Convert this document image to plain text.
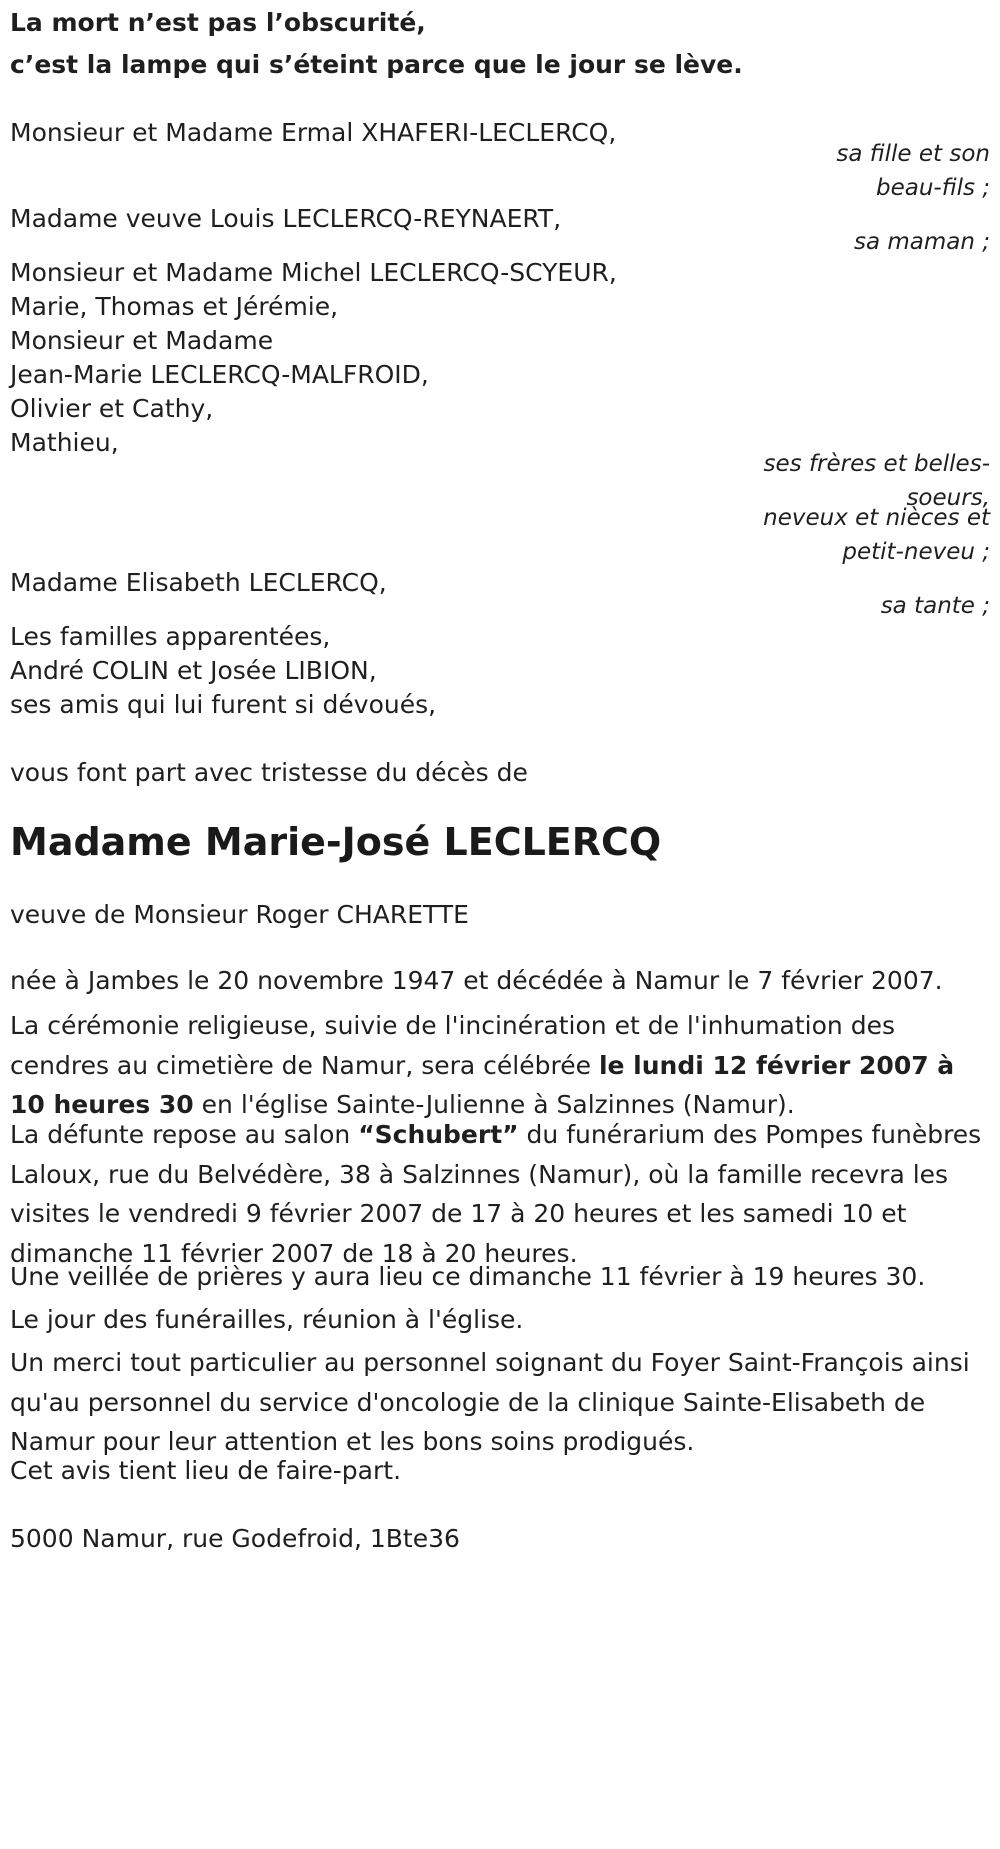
La mort n’est pas l’obscurité,
c’est la lampe qui s’éteint parce que le jour se lève.
Monsieur et Madame Ermal XHAFERI-LECLERCQ,
sa fille et son
beau-fils ;
Madame veuve Louis LECLERCQ-REYNAERT,
sa maman ;
Monsieur et Madame Michel LECLERCQ-SCYEUR,
Marie, Thomas et Jérémie,
Monsieur et Madame
Jean-Marie LECLERCQ-MALFROID,
Olivier et Cathy,
Mathieu,
ses frères et belles-
soeurs,
neveux et nièces et
petit-neveu ;
Madame Elisabeth LECLERCQ,
sa tante ;
Les familles apparentées,
André COLIN et Josée LIBION,
ses amis qui lui furent si dévoués,
vous font part avec tristesse du décès de
Madame Marie-José LECLERCQ
veuve de Monsieur Roger CHARETTE
née à Jambes le 20 novembre 1947 et décédée à Namur le 7 février 2007.
La cérémonie religieuse, suivie de l'incinération et de l'inhumation des cendres au cimetière de Namur, sera célébrée le lundi 12 février 2007 à 10 heures 30 en l'église Sainte-Julienne à Salzinnes (Namur).
La défunte repose au salon “Schubert” du funérarium des Pompes funèbres Laloux, rue du Belvédère, 38 à Salzinnes (Namur), où la famille recevra les visites le vendredi 9 février 2007 de 17 à 20 heures et les samedi 10 et dimanche 11 février 2007 de 18 à 20 heures.
Une veillée de prières y aura lieu ce dimanche 11 février à 19 heures 30.
Le jour des funérailles, réunion à l'église.
Un merci tout particulier au personnel soignant du Foyer Saint-François ainsi qu'au personnel du service d'oncologie de la clinique Sainte-Elisabeth de Namur pour leur attention et les bons soins prodigués.
Cet avis tient lieu de faire-part.
5000 Namur, rue Godefroid, 1Bte36
